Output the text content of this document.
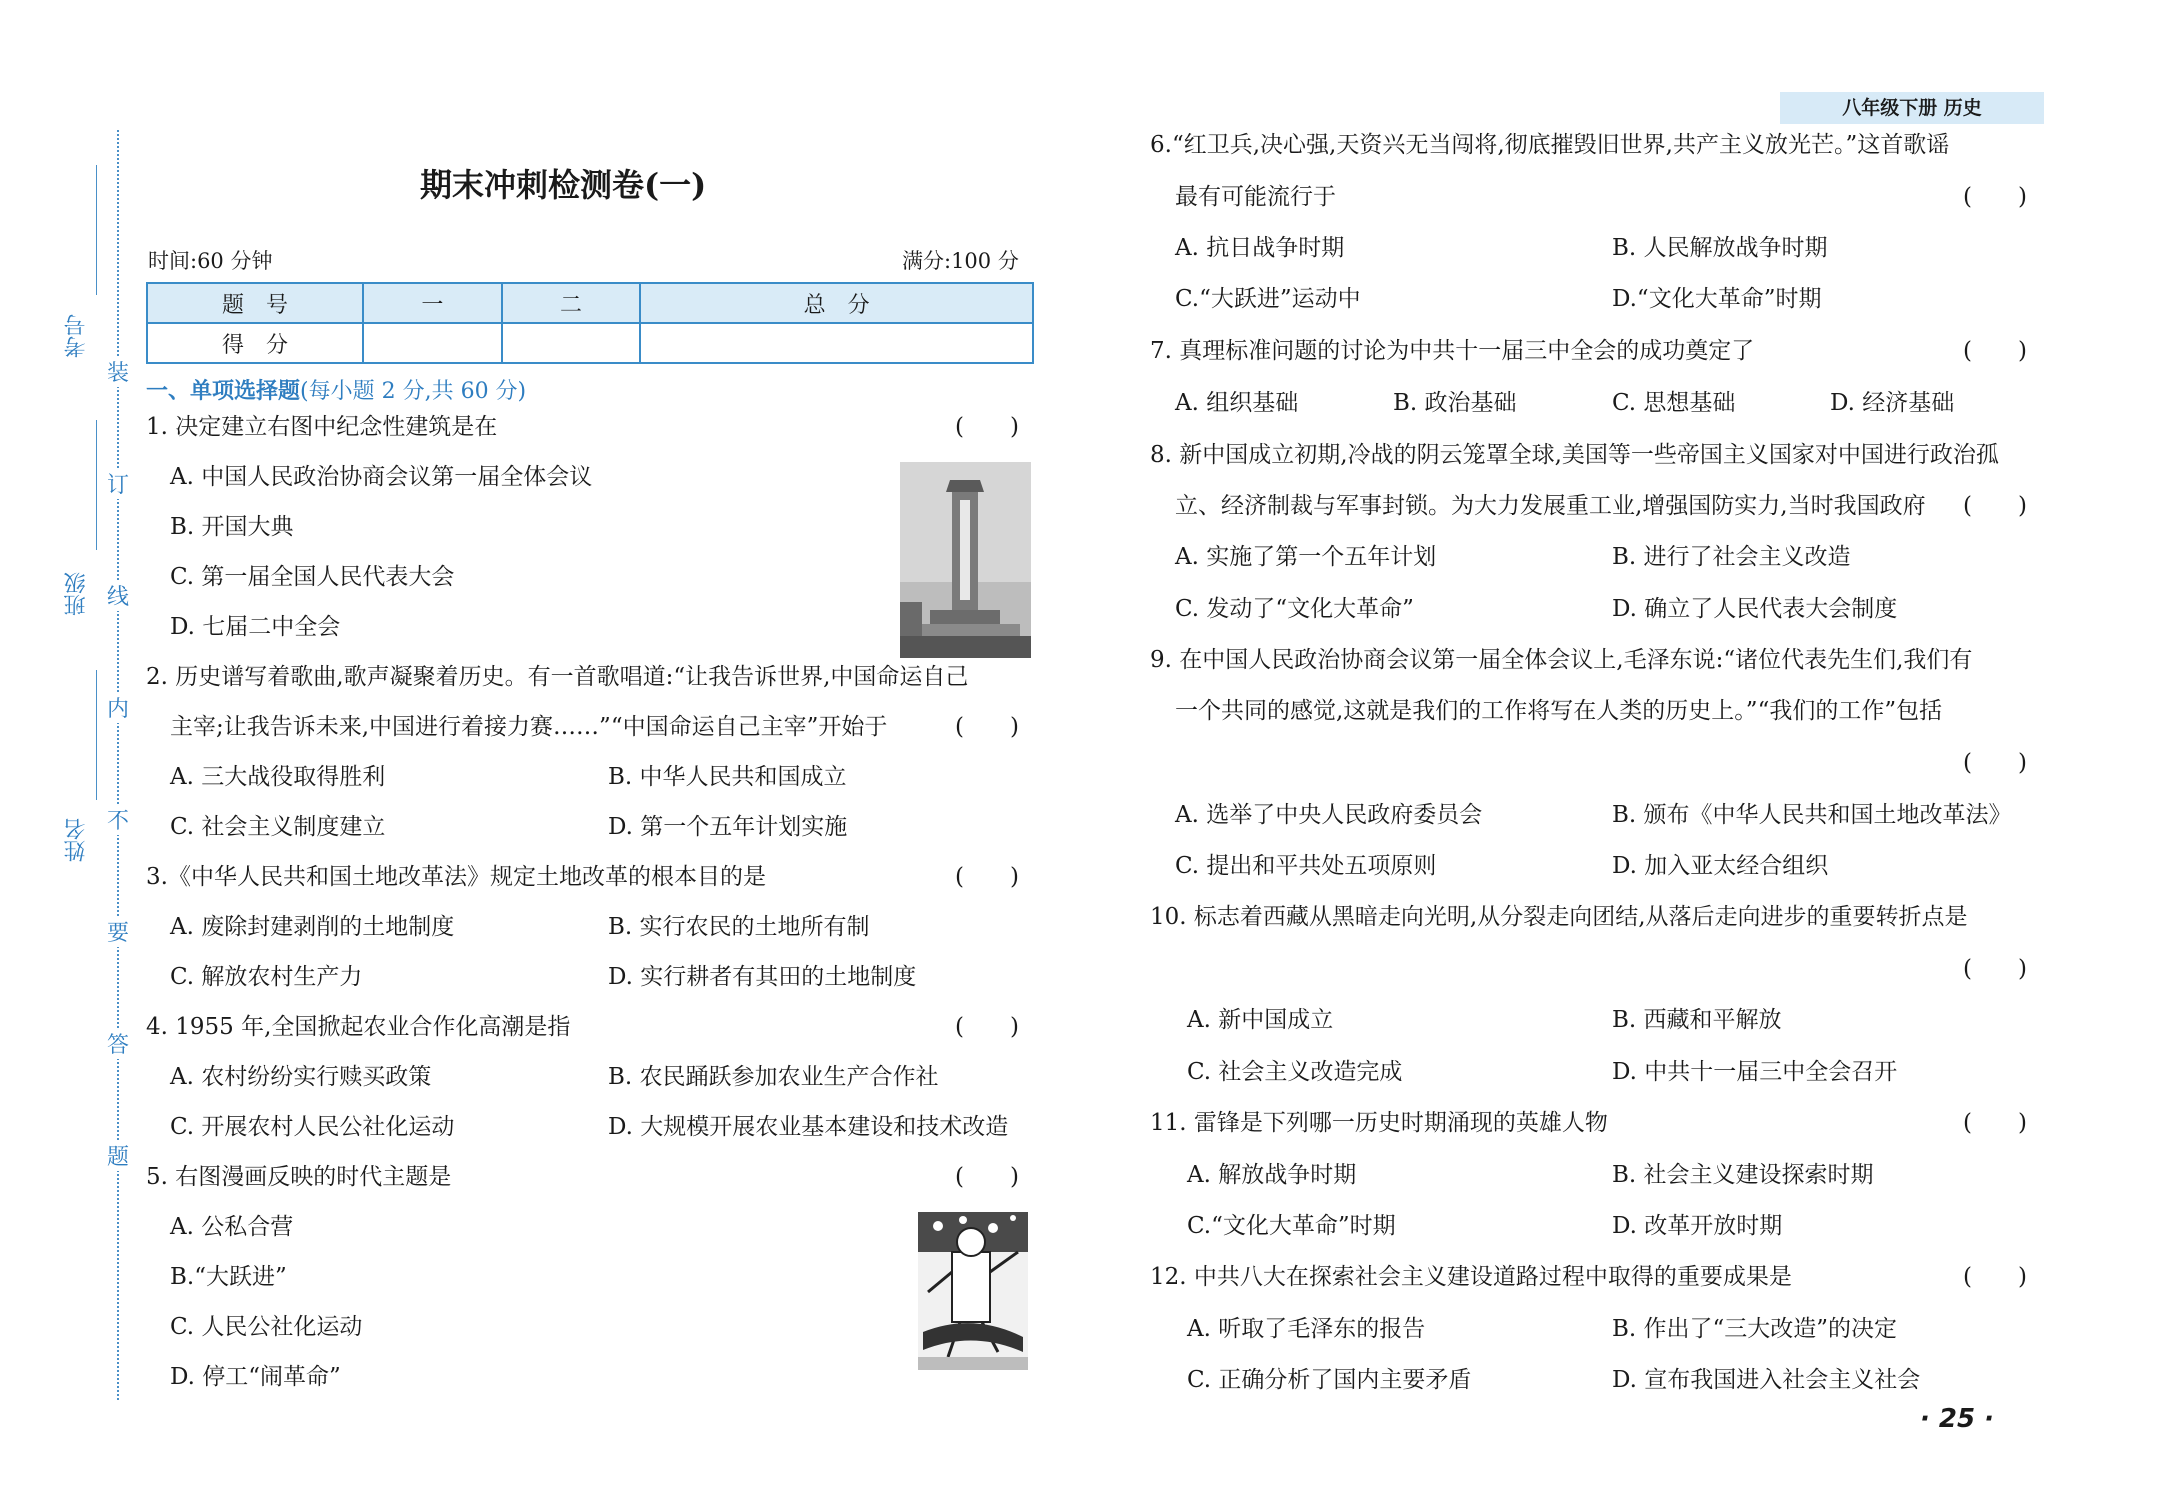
八年级下册 历史
· 25 ·
装
订
线
内
不
要
答
题
考号
班级
姓名
期末冲刺检测卷(一)
时间:60 分钟	满分:100 分
题　号	一	二	总　分
得　分			
一、单项选择题(每小题 2 分,共 60 分)
1. 决定建立右图中纪念性建筑是在	(　　)
A. 中国人民政治协商会议第一届全体会议
B. 开国大典
C. 第一届全国人民代表大会
D. 七届二中全会
2. 历史谱写着歌曲,歌声凝聚着历史。有一首歌唱道:“让我告诉世界,中国命运自己
主宰;让我告诉未来,中国进行着接力赛……”“中国命运自己主宰”开始于	(　　)
A. 三大战役取得胜利	B. 中华人民共和国成立
C. 社会主义制度建立	D. 第一个五年计划实施
3.《中华人民共和国土地改革法》规定土地改革的根本目的是	(　　)
A. 废除封建剥削的土地制度	B. 实行农民的土地所有制
C. 解放农村生产力	D. 实行耕者有其田的土地制度
4. 1955 年,全国掀起农业合作化高潮是指	(　　)
A. 农村纷纷实行赎买政策	B. 农民踊跃参加农业生产合作社
C. 开展农村人民公社化运动	D. 大规模开展农业基本建设和技术改造
5. 右图漫画反映的时代主题是	(　　)
A. 公私合营
B.“大跃进”
C. 人民公社化运动
D. 停工“闹革命”
6.“红卫兵,决心强,天资兴无当闯将,彻底摧毁旧世界,共产主义放光芒。”这首歌谣
最有可能流行于	(　　)
A. 抗日战争时期	B. 人民解放战争时期
C.“大跃进”运动中	D.“文化大革命”时期
7. 真理标准问题的讨论为中共十一届三中全会的成功奠定了	(　　)
A. 组织基础	B. 政治基础	C. 思想基础	D. 经济基础
8. 新中国成立初期,冷战的阴云笼罩全球,美国等一些帝国主义国家对中国进行政治孤
立、经济制裁与军事封锁。为大力发展重工业,增强国防实力,当时我国政府 (　　)
A. 实施了第一个五年计划	B. 进行了社会主义改造
C. 发动了“文化大革命”	D. 确立了人民代表大会制度
9. 在中国人民政治协商会议第一届全体会议上,毛泽东说:“诸位代表先生们,我们有
一个共同的感觉,这就是我们的工作将写在人类的历史上。”“我们的工作”包括
(　　)
A. 选举了中央人民政府委员会	B. 颁布《中华人民共和国土地改革法》
C. 提出和平共处五项原则	D. 加入亚太经合组织
10. 标志着西藏从黑暗走向光明,从分裂走向团结,从落后走向进步的重要转折点是
(　　)
A. 新中国成立	B. 西藏和平解放
C. 社会主义改造完成	D. 中共十一届三中全会召开
11. 雷锋是下列哪一历史时期涌现的英雄人物	(　　)
A. 解放战争时期	B. 社会主义建设探索时期
C.“文化大革命”时期	D. 改革开放时期
12. 中共八大在探索社会主义建设道路过程中取得的重要成果是	(　　)
A. 听取了毛泽东的报告	B. 作出了“三大改造”的决定
C. 正确分析了国内主要矛盾	D. 宣布我国进入社会主义社会
